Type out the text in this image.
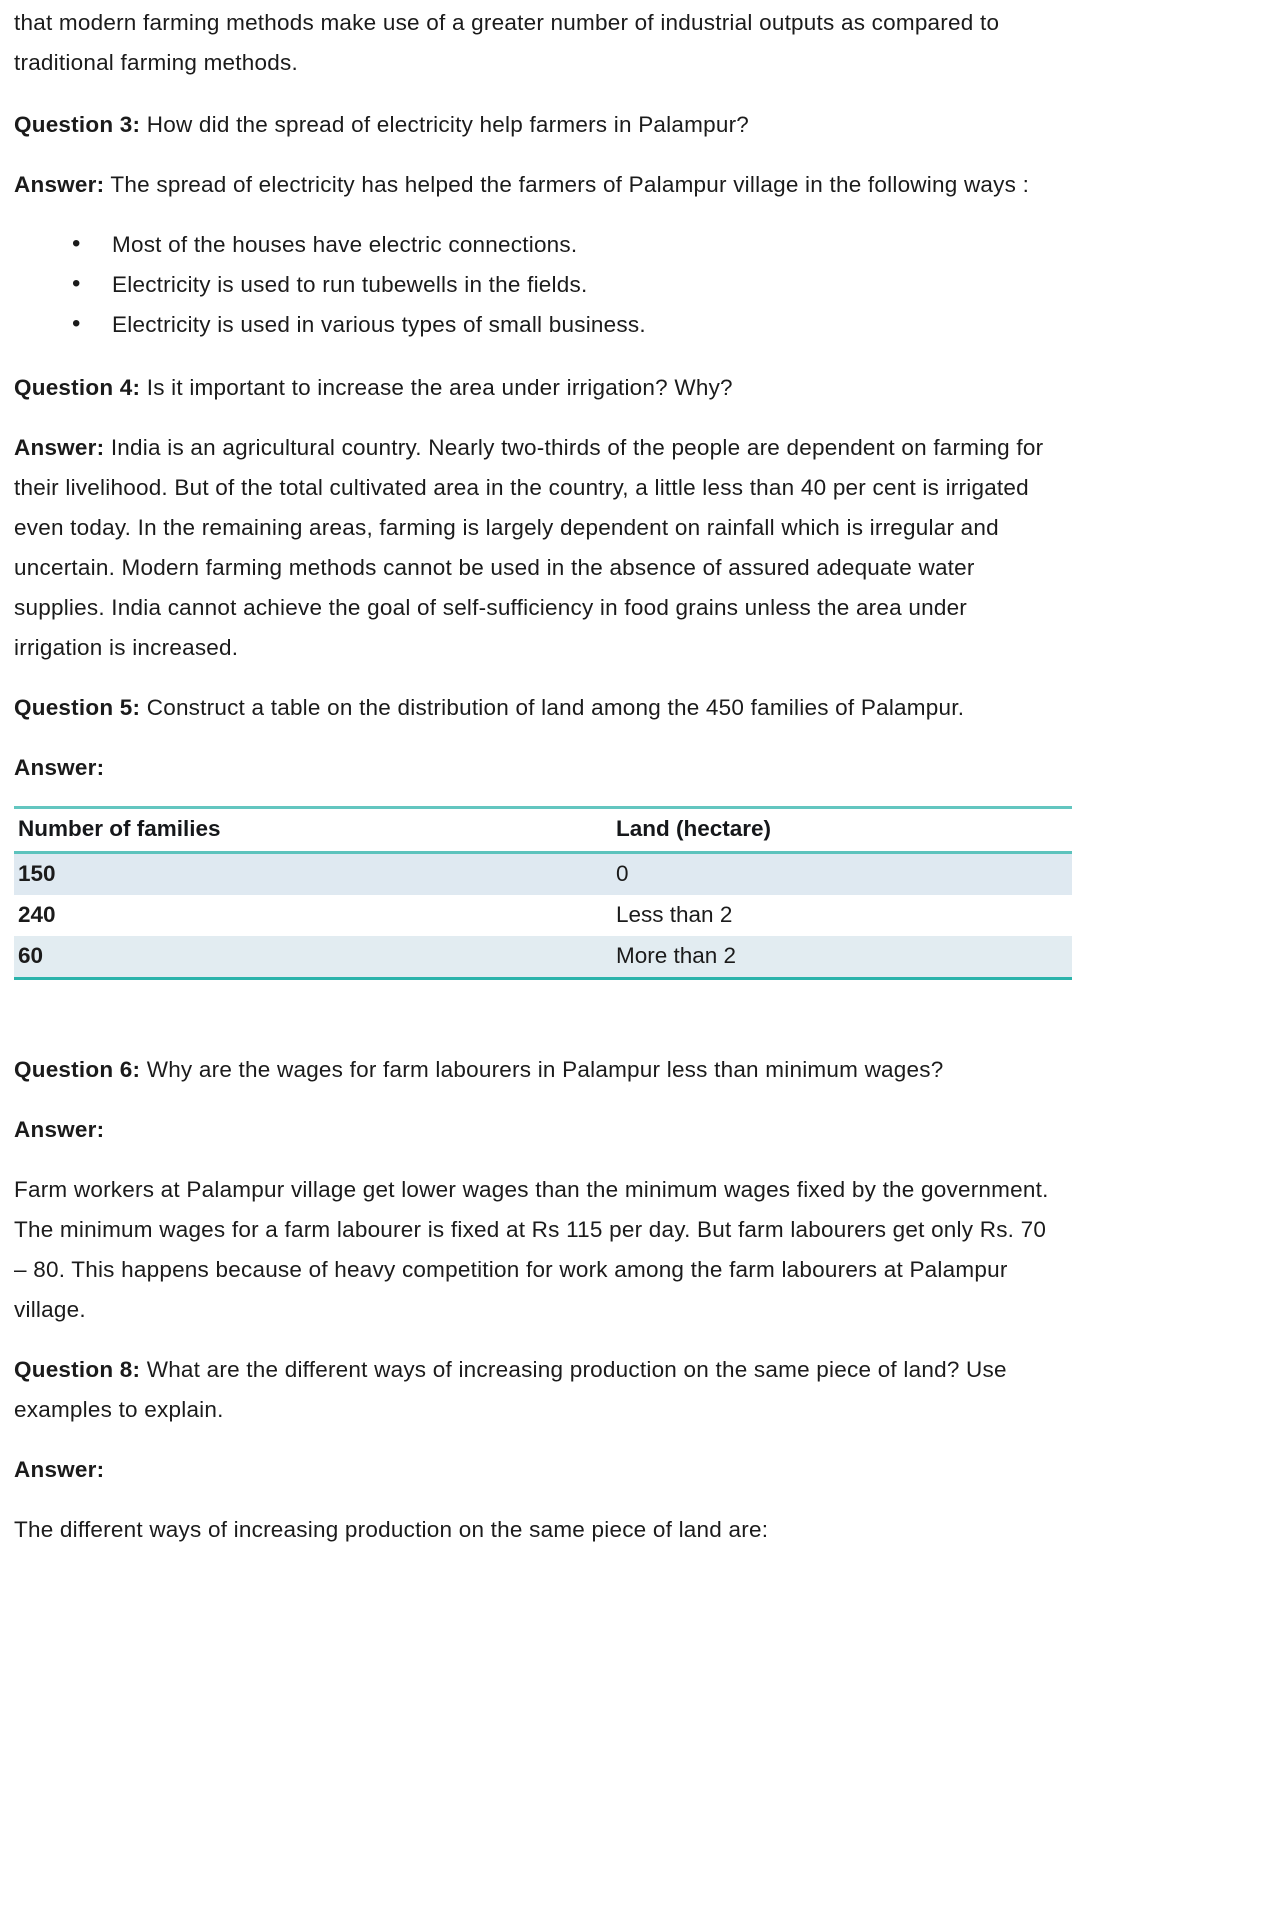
that modern farming methods make use of a greater number of industrial outputs as compared to traditional farming methods.

Question 3: How did the spread of electricity help farmers in Palampur?

Answer: The spread of electricity has helped the farmers of Palampur village in the following ways :

• Most of the houses have electric connections.
• Electricity is used to run tubewells in the fields.
• Electricity is used in various types of small business.

Question 4: Is it important to increase the area under irrigation? Why?

Answer: India is an agricultural country. Nearly two-thirds of the people are dependent on farming for their livelihood. But of the total cultivated area in the country, a little less than 40 per cent is irrigated even today. In the remaining areas, farming is largely dependent on rainfall which is irregular and uncertain. Modern farming methods cannot be used in the absence of assured adequate water supplies. India cannot achieve the goal of self-sufficiency in food grains unless the area under irrigation is increased.

Question 5: Construct a table on the distribution of land among the 450 families of Palampur.

Answer:

Number of families	Land (hectare)
150	0
240	Less than 2
60	More than 2

Question 6: Why are the wages for farm labourers in Palampur less than minimum wages?

Answer:

Farm workers at Palampur village get lower wages than the minimum wages fixed by the government. The minimum wages for a farm labourer is fixed at Rs 115 per day. But farm labourers get only Rs. 70 – 80. This happens because of heavy competition for work among the farm labourers at Palampur village.

Question 8: What are the different ways of increasing production on the same piece of land? Use examples to explain.

Answer:

The different ways of increasing production on the same piece of land are:
